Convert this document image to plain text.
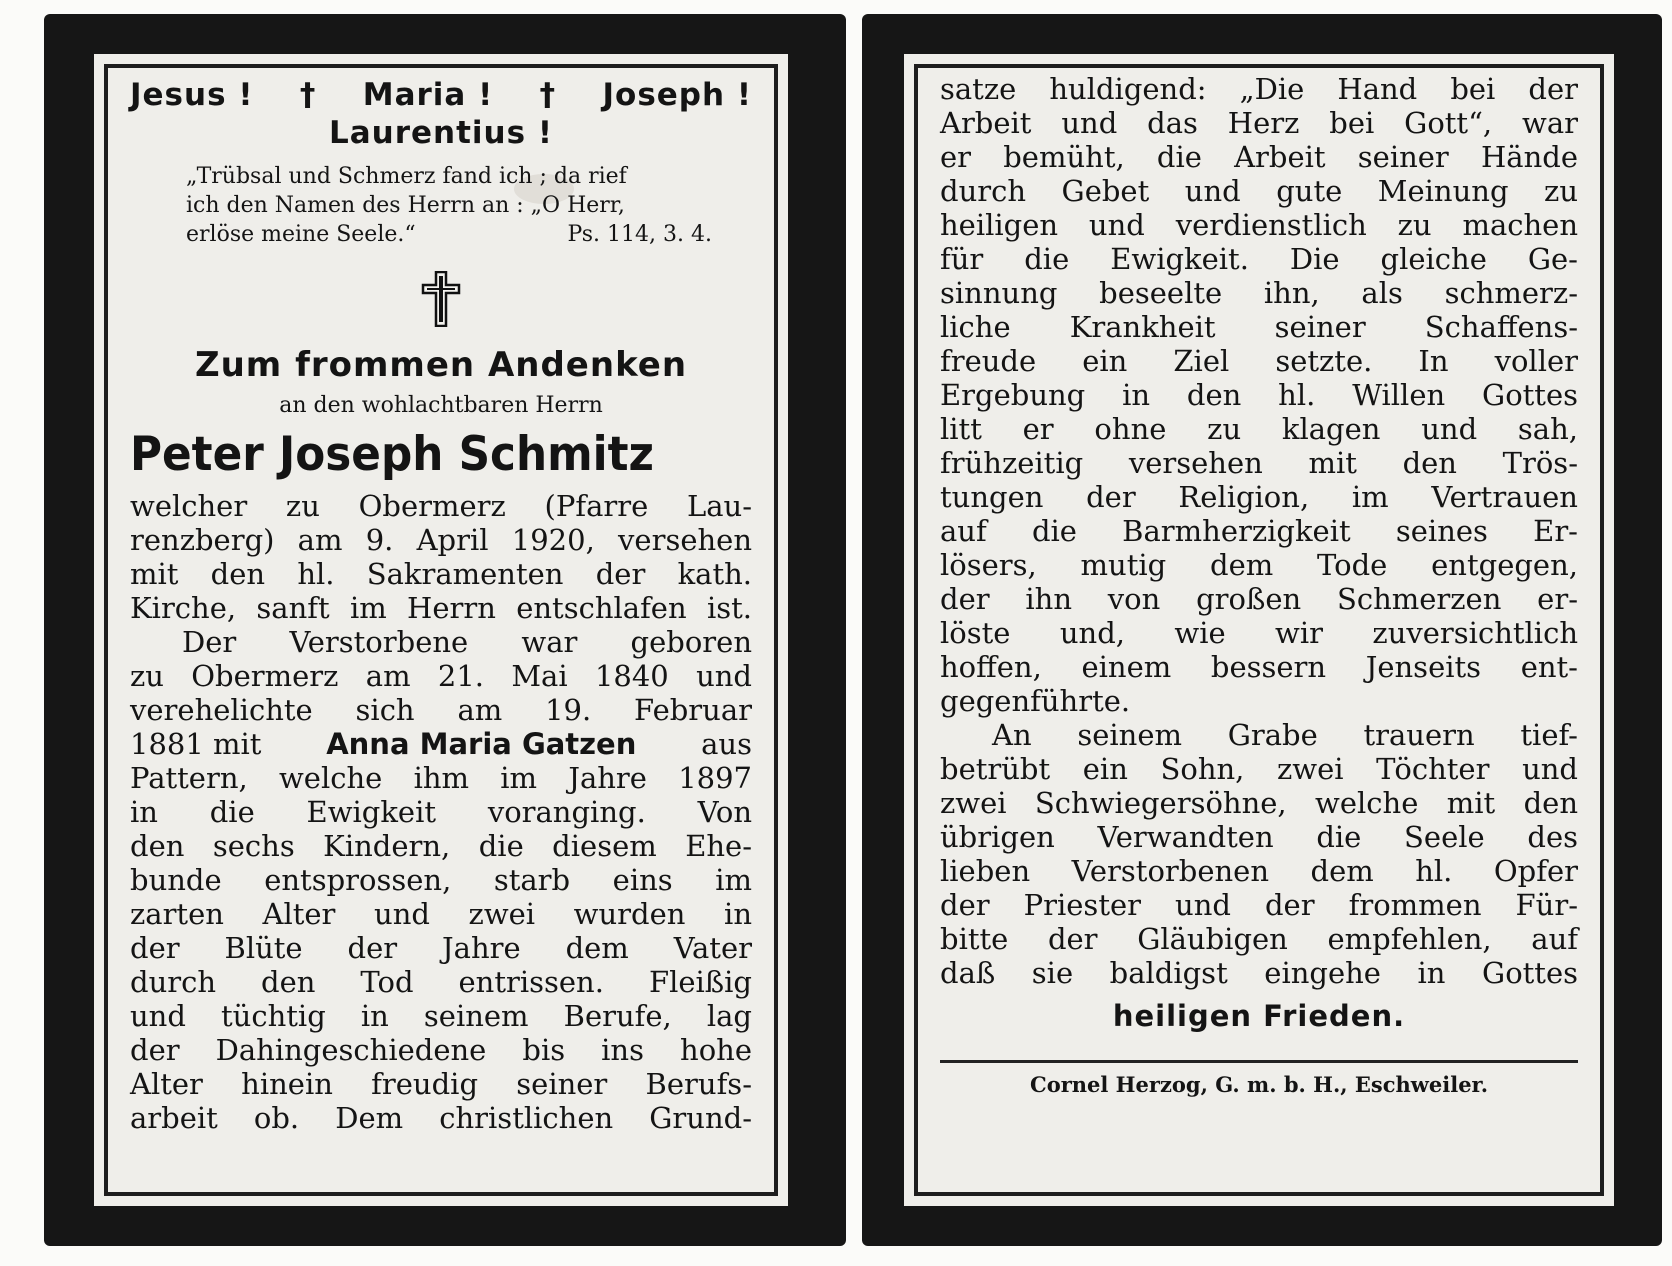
Jesus ! † Maria ! † Joseph !
Laurentius !
„Trübsal und Schmerz fand ich ; da rief
ich den Namen des Herrn an : „O Herr,
erlöse meine Seele.“	Ps. 114, 3. 4.
Zum frommen Andenken
an den wohlachtbaren Herrn
Peter Joseph Schmitz
welcher zu Obermerz (Pfarre Lau-
renzberg) am 9. April 1920, versehen
mit den hl. Sakramenten der kath.
Kirche, sanft im Herrn entschlafen ist.
Der Verstorbene war geboren
zu Obermerz am 21. Mai 1840 und
verehelichte sich am 19. Februar
1881 mit Anna Maria Gatzen aus
Pattern, welche ihm im Jahre 1897
in die Ewigkeit voranging. Von
den sechs Kindern, die diesem Ehe-
bunde entsprossen, starb eins im
zarten Alter und zwei wurden in
der Blüte der Jahre dem Vater
durch den Tod entrissen. Fleißig
und tüchtig in seinem Berufe, lag
der Dahingeschiedene bis ins hohe
Alter hinein freudig seiner Berufs-
arbeit ob. Dem christlichen Grund-
satze huldigend: „Die Hand bei der
Arbeit und das Herz bei Gott“, war
er bemüht, die Arbeit seiner Hände
durch Gebet und gute Meinung zu
heiligen und verdienstlich zu machen
für die Ewigkeit. Die gleiche Ge-
sinnung beseelte ihn, als schmerz-
liche Krankheit seiner Schaffens-
freude ein Ziel setzte. In voller
Ergebung in den hl. Willen Gottes
litt er ohne zu klagen und sah,
frühzeitig versehen mit den Trös-
tungen der Religion, im Vertrauen
auf die Barmherzigkeit seines Er-
lösers, mutig dem Tode entgegen,
der ihn von großen Schmerzen er-
löste und, wie wir zuversichtlich
hoffen, einem bessern Jenseits ent-
gegenführte.
An seinem Grabe trauern tief-
betrübt ein Sohn, zwei Töchter und
zwei Schwiegersöhne, welche mit den
übrigen Verwandten die Seele des
lieben Verstorbenen dem hl. Opfer
der Priester und der frommen Für-
bitte der Gläubigen empfehlen, auf
daß sie baldigst eingehe in Gottes
heiligen Frieden.
Cornel Herzog, G. m. b. H., Eschweiler.
